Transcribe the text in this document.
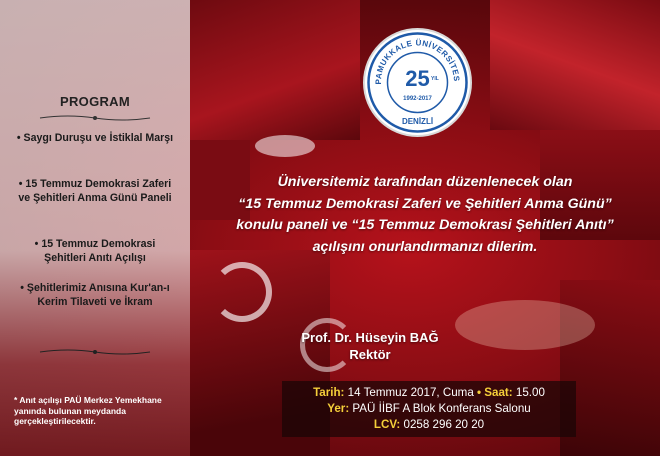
PROGRAM
• Saygı Duruşu ve İstiklal Marşı
• 15 Temmuz Demokrasi Zaferi ve Şehitleri Anma Günü Paneli
• 15 Temmuz Demokrasi Şehitleri Anıtı Açılışı
• Şehitlerimiz Anısına Kur'an-ı Kerim Tilaveti ve İkram
* Anıt açılışı PAÜ Merkez Yemekhane yanında bulunan meydanda gerçekleştirilecektir.
PAMUKKALE ÜNİVERSİTES
25 YIL
1992-2017
DENİZLİ
Üniversitemiz tarafından düzenlenecek olan
“15 Temmuz Demokrasi Zaferi ve Şehitleri Anma Günü”
konulu paneli ve “15 Temmuz Demokrasi Şehitleri Anıtı”
açılışını onurlandırmanızı dilerim.
Prof. Dr. Hüseyin BAĞ
Rektör
Tarih: 14 Temmuz 2017, Cuma • Saat: 15.00
Yer: PAÜ İİBF A Blok Konferans Salonu
LCV: 0258 296 20 20
